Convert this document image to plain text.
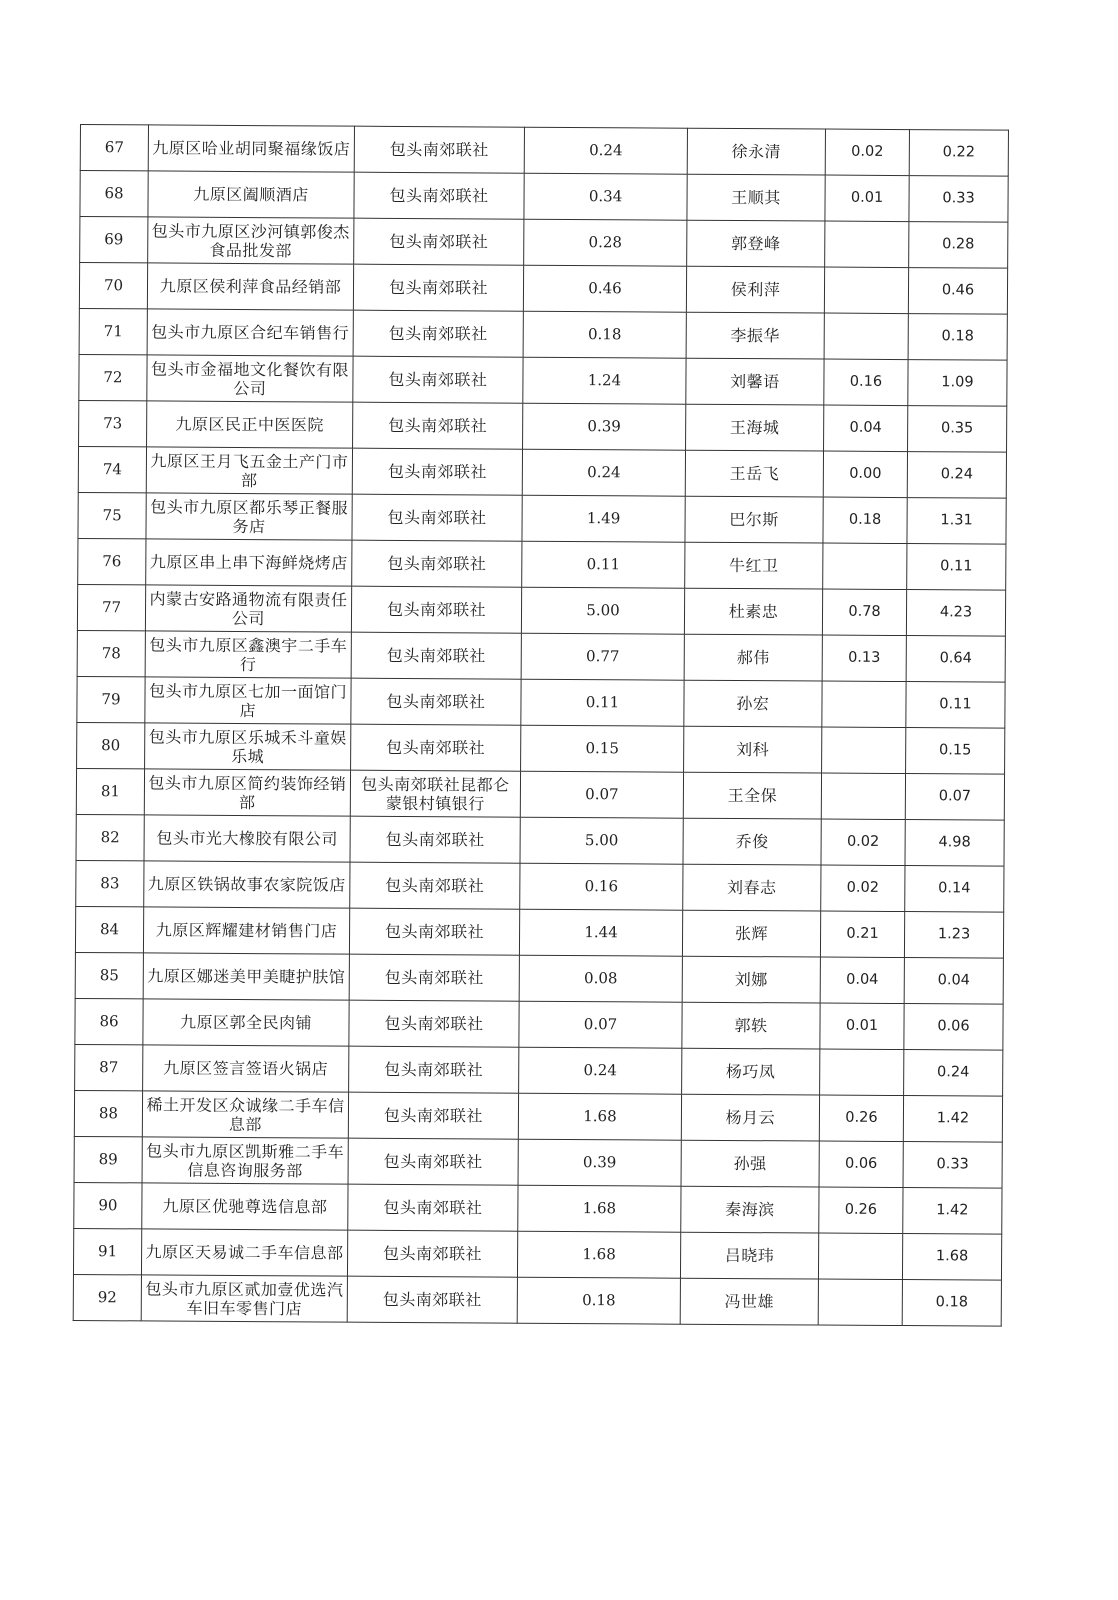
67	九原区哈业胡同聚福缘饭店	包头南郊联社	0.24	徐永清	0.02	0.22
68	九原区阖顺酒店	包头南郊联社	0.34	王顺其	0.01	0.33
69	包头市九原区沙河镇郭俊杰食品批发部	包头南郊联社	0.28	郭登峰		0.28
70	九原区侯利萍食品经销部	包头南郊联社	0.46	侯利萍		0.46
71	包头市九原区合纪车销售行	包头南郊联社	0.18	李振华		0.18
72	包头市金福地文化餐饮有限公司	包头南郊联社	1.24	刘馨语	0.16	1.09
73	九原区民正中医医院	包头南郊联社	0.39	王海城	0.04	0.35
74	九原区王月飞五金土产门市部	包头南郊联社	0.24	王岳飞	0.00	0.24
75	包头市九原区都乐琴正餐服务店	包头南郊联社	1.49	巴尔斯	0.18	1.31
76	九原区串上串下海鲜烧烤店	包头南郊联社	0.11	牛红卫		0.11
77	内蒙古安路通物流有限责任公司	包头南郊联社	5.00	杜素忠	0.78	4.23
78	包头市九原区鑫澳宇二手车行	包头南郊联社	0.77	郝伟	0.13	0.64
79	包头市九原区七加一面馆门店	包头南郊联社	0.11	孙宏		0.11
80	包头市九原区乐城禾斗童娱乐城	包头南郊联社	0.15	刘科		0.15
81	包头市九原区简约装饰经销部	包头南郊联社昆都仑蒙银村镇银行	0.07	王全保		0.07
82	包头市光大橡胶有限公司	包头南郊联社	5.00	乔俊	0.02	4.98
83	九原区铁锅故事农家院饭店	包头南郊联社	0.16	刘春志	0.02	0.14
84	九原区辉耀建材销售门店	包头南郊联社	1.44	张辉	0.21	1.23
85	九原区娜迷美甲美睫护肤馆	包头南郊联社	0.08	刘娜	0.04	0.04
86	九原区郭全民肉铺	包头南郊联社	0.07	郭轶	0.01	0.06
87	九原区签言签语火锅店	包头南郊联社	0.24	杨巧凤		0.24
88	稀土开发区众诚缘二手车信息部	包头南郊联社	1.68	杨月云	0.26	1.42
89	包头市九原区凯斯雅二手车信息咨询服务部	包头南郊联社	0.39	孙强	0.06	0.33
90	九原区优驰尊选信息部	包头南郊联社	1.68	秦海滨	0.26	1.42
91	九原区天易诚二手车信息部	包头南郊联社	1.68	吕晓玮		1.68
92	包头市九原区贰加壹优选汽车旧车零售门店	包头南郊联社	0.18	冯世雄		0.18
